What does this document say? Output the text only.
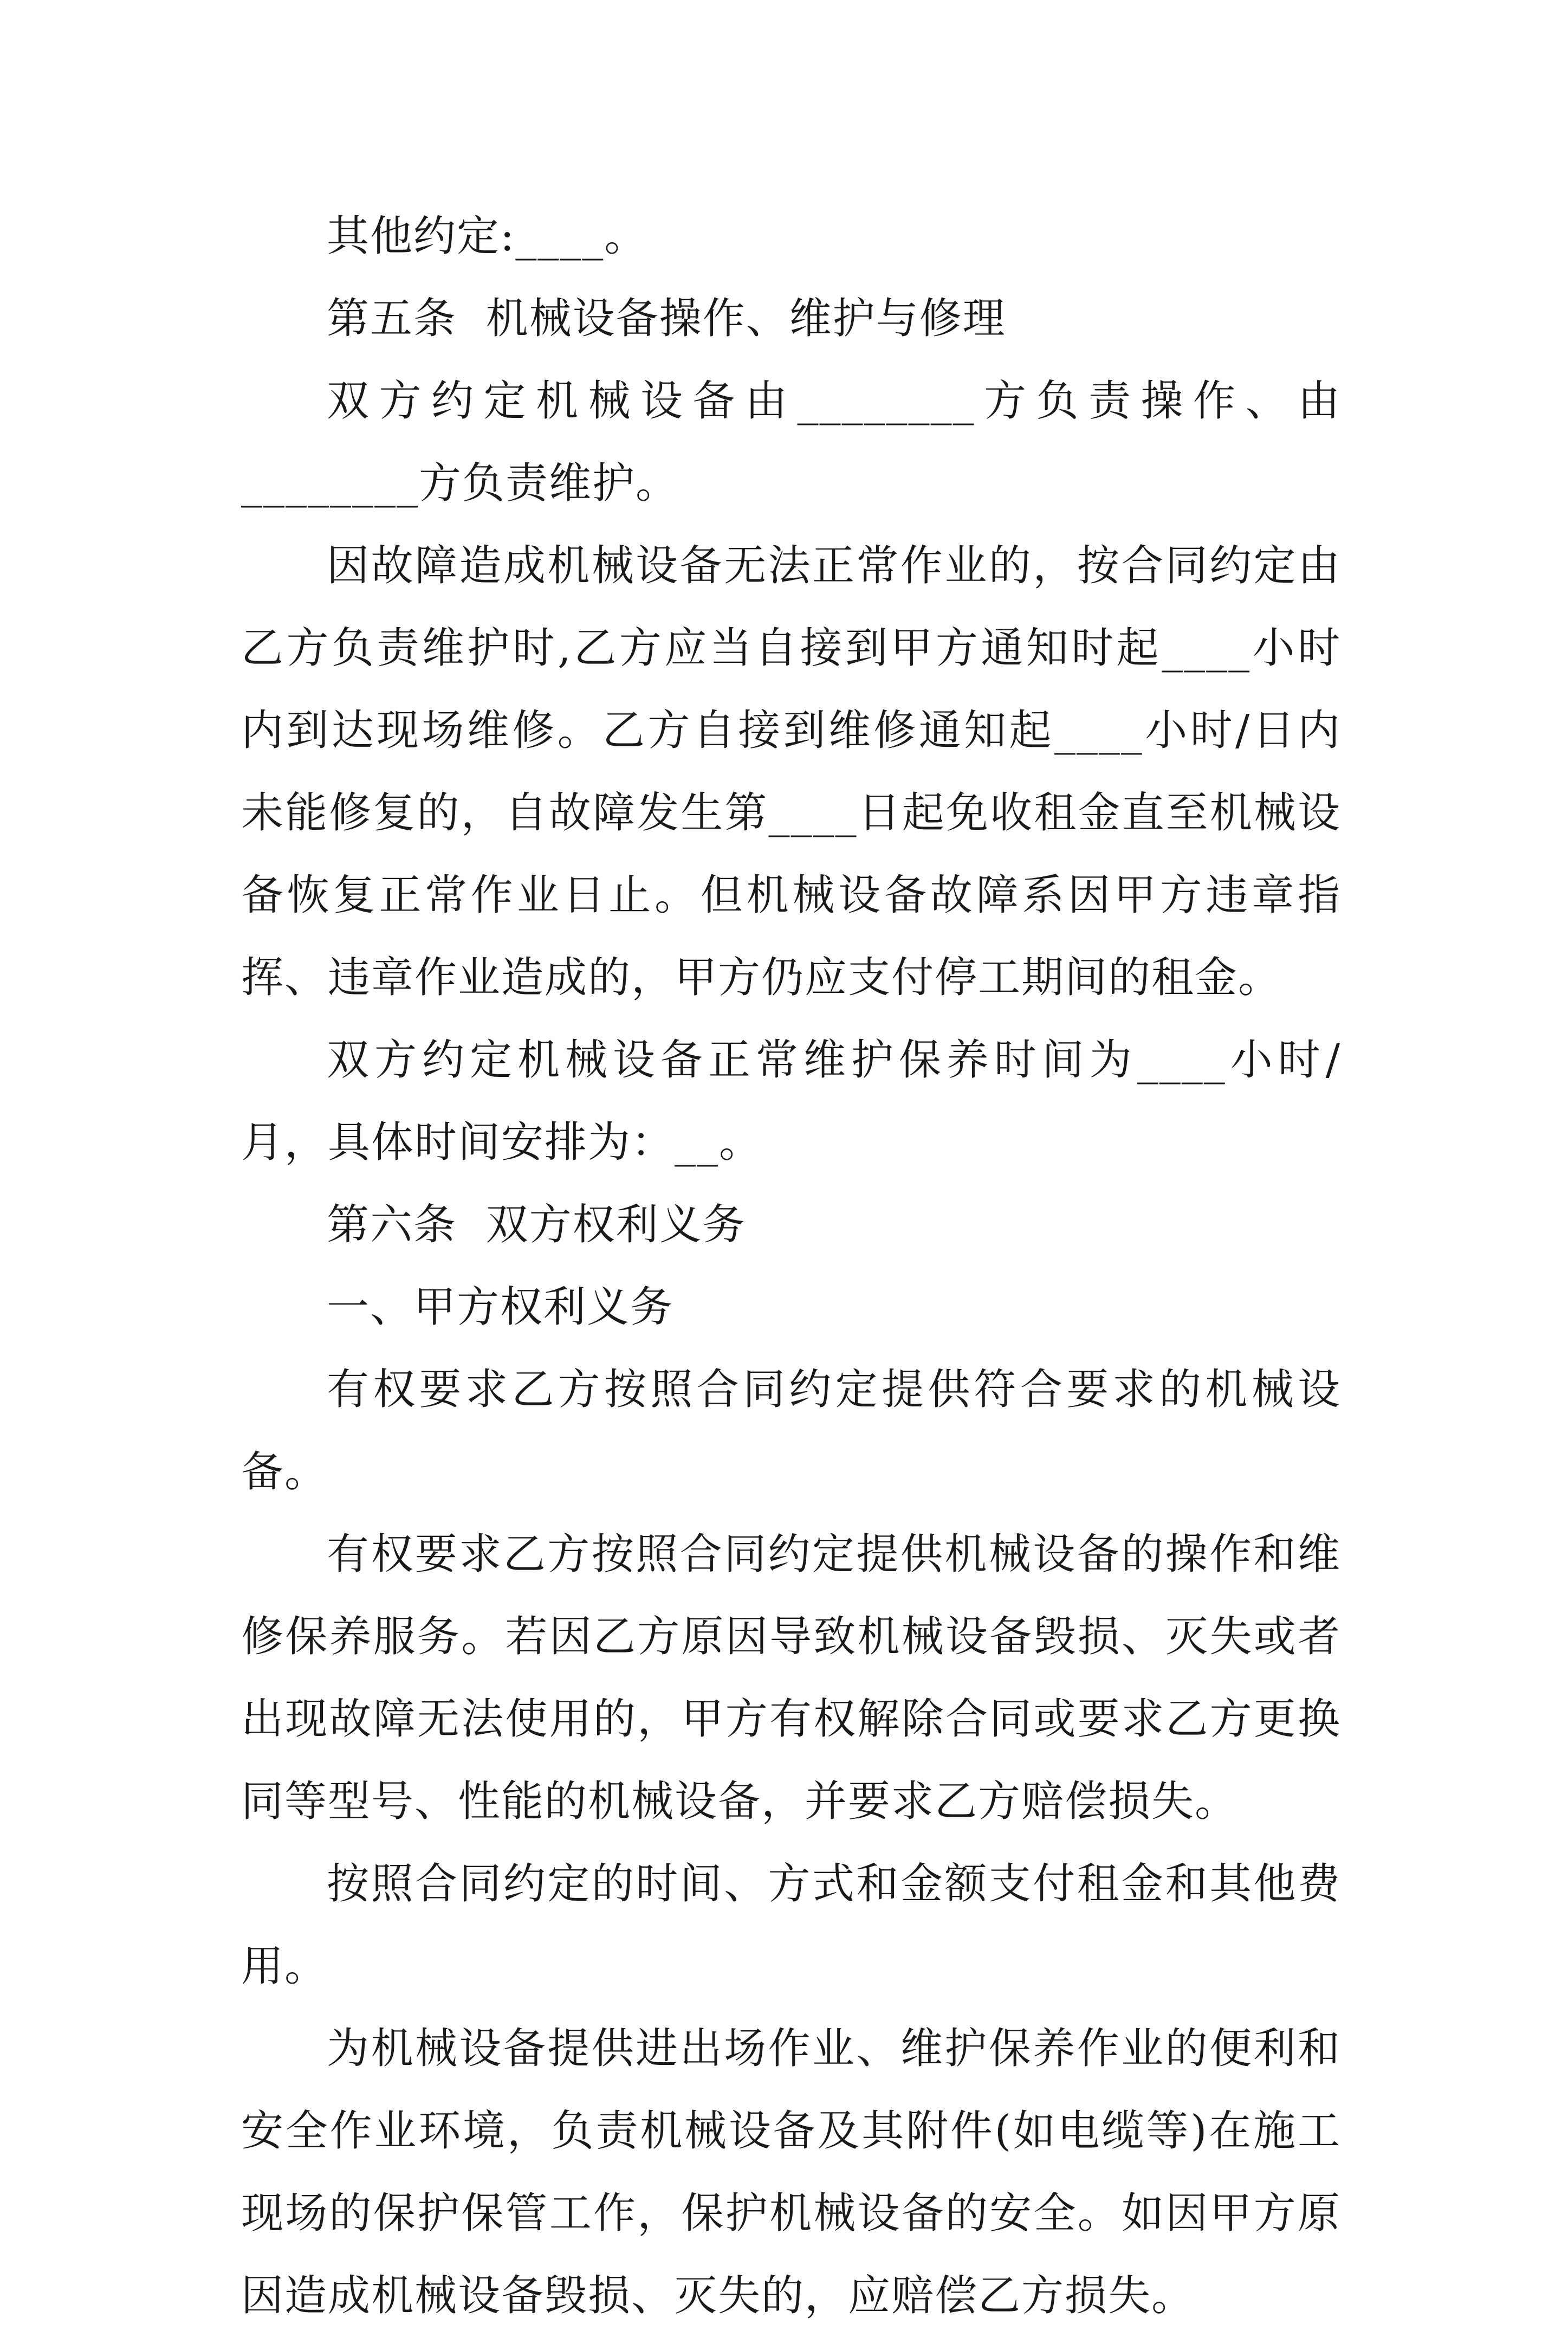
其他约定:____。

第五条  机械设备操作、维护与修理

双方约定机械设备由________方负责操作、由________方负责维护。

因故障造成机械设备无法正常作业的，按合同约定由乙方负责维护时,乙方应当自接到甲方通知时起____小时内到达现场维修。乙方自接到维修通知起____小时/日内未能修复的，自故障发生第____日起免收租金直至机械设备恢复正常作业日止。但机械设备故障系因甲方违章指挥、违章作业造成的，甲方仍应支付停工期间的租金。

双方约定机械设备正常维护保养时间为____小时/月，具体时间安排为：__。

第六条  双方权利义务

一、甲方权利义务

有权要求乙方按照合同约定提供符合要求的机械设备。

有权要求乙方按照合同约定提供机械设备的操作和维修保养服务。若因乙方原因导致机械设备毁损、灭失或者出现故障无法使用的，甲方有权解除合同或要求乙方更换同等型号、性能的机械设备，并要求乙方赔偿损失。

按照合同约定的时间、方式和金额支付租金和其他费用。

为机械设备提供进出场作业、维护保养作业的便利和安全作业环境，负责机械设备及其附件(如电缆等)在施工现场的保护保管工作，保护机械设备的安全。如因甲方原因造成机械设备毁损、灭失的，应赔偿乙方损失。
